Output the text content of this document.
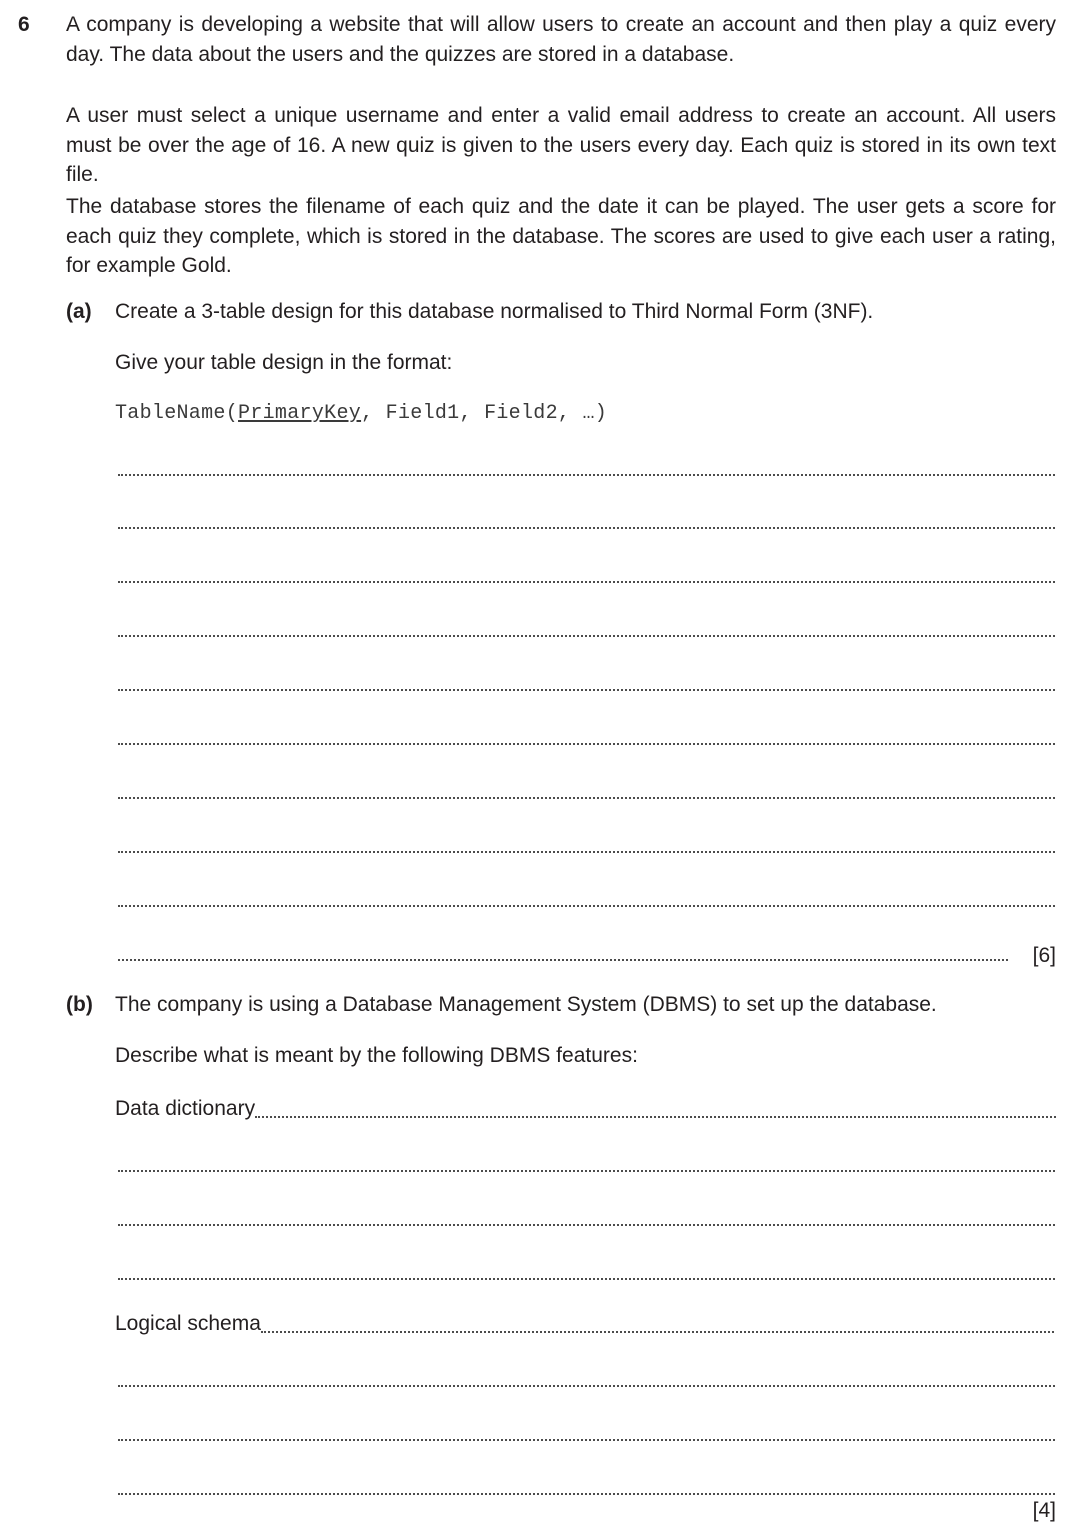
6	A company is developing a website that will allow users to create an account and then play a quiz every day. The data about the users and the quizzes are stored in a database.
A user must select a unique username and enter a valid email address to create an account. All users must be over the age of 16. A new quiz is given to the users every day. Each quiz is stored in its own text file.
The database stores the filename of each quiz and the date it can be played. The user gets a score for each quiz they complete, which is stored in the database. The scores are used to give each user a rating, for example Gold.
(a)	Create a 3-table design for this database normalised to Third Normal Form (3NF).
Give your table design in the format:
TableName(PrimaryKey, Field1, Field2, …)
[6]
(b)	The company is using a Database Management System (DBMS) to set up the database.
Describe what is meant by the following DBMS features:
Data dictionary
Logical schema
[4]
